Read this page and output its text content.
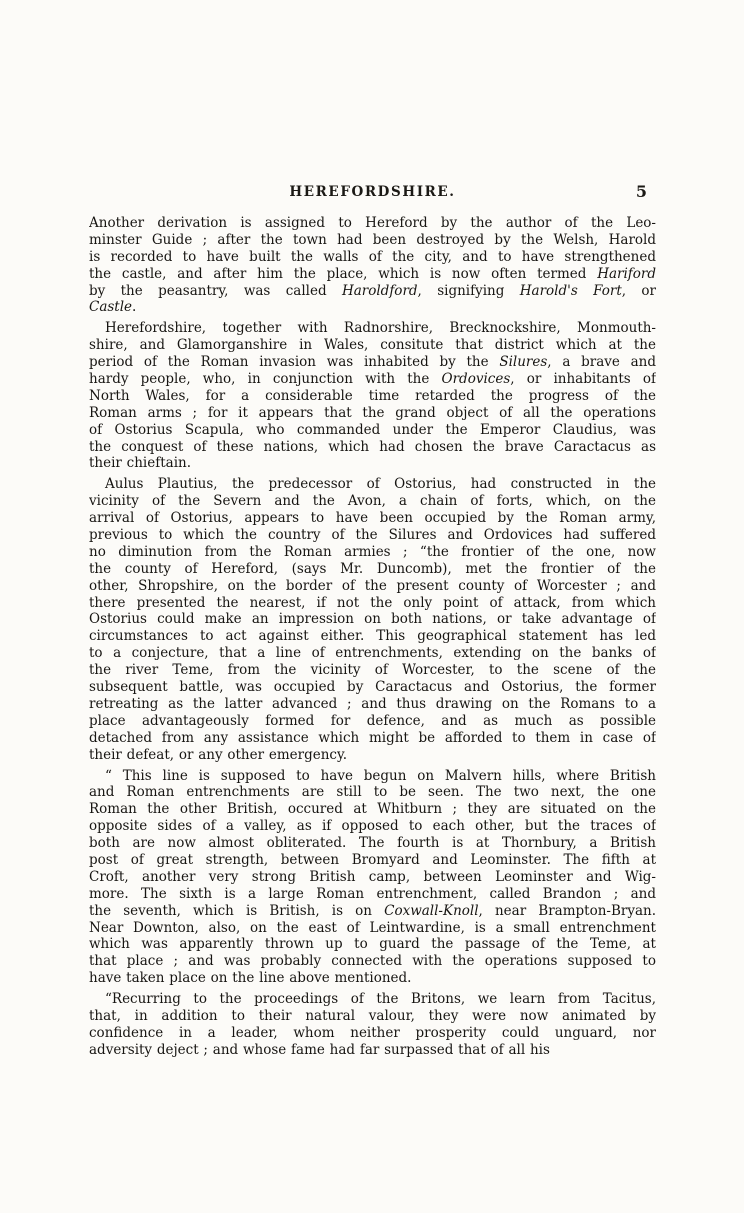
HEREFORDSHIRE.	5

Another derivation is assigned to Hereford by the author of the Leo-
minster Guide ; after the town had been destroyed by the Welsh, Harold
is recorded to have built the walls of the city, and to have strengthened
the castle, and after him the place, which is now often termed Hariford
by the peasantry, was called Haroldford, signifying Harold's Fort, or
Castle.

Herefordshire, together with Radnorshire, Brecknockshire, Monmouth-
shire, and Glamorganshire in Wales, consitute that district which at the
period of the Roman invasion was inhabited by the Silures, a brave and
hardy people, who, in conjunction with the Ordovices, or inhabitants of
North Wales, for a considerable time retarded the progress of the
Roman arms ; for it appears that the grand object of all the operations
of Ostorius Scapula, who commanded under the Emperor Claudius, was
the conquest of these nations, which had chosen the brave Caractacus as
their chieftain.

Aulus Plautius, the predecessor of Ostorius, had constructed in the
vicinity of the Severn and the Avon, a chain of forts, which, on the
arrival of Ostorius, appears to have been occupied by the Roman army,
previous to which the country of the Silures and Ordovices had suffered
no diminution from the Roman armies ; “the frontier of the one, now
the county of Hereford, (says Mr. Duncomb), met the frontier of the
other, Shropshire, on the border of the present county of Worcester ; and
there presented the nearest, if not the only point of attack, from which
Ostorius could make an impression on both nations, or take advantage of
circumstances to act against either. This geographical statement has led
to a conjecture, that a line of entrenchments, extending on the banks of
the river Teme, from the vicinity of Worcester, to the scene of the
subsequent battle, was occupied by Caractacus and Ostorius, the former
retreating as the latter advanced ; and thus drawing on the Romans to a
place advantageously formed for defence, and as much as possible
detached from any assistance which might be afforded to them in case of
their defeat, or any other emergency.

“ This line is supposed to have begun on Malvern hills, where British
and Roman entrenchments are still to be seen. The two next, the one
Roman the other British, occured at Whitburn ; they are situated on the
opposite sides of a valley, as if opposed to each other, but the traces of
both are now almost obliterated. The fourth is at Thornbury, a British
post of great strength, between Bromyard and Leominster. The fifth at
Croft, another very strong British camp, between Leominster and Wig-
more. The sixth is a large Roman entrenchment, called Brandon ; and
the seventh, which is British, is on Coxwall-Knoll, near Brampton-Bryan.
Near Downton, also, on the east of Leintwardine, is a small entrenchment
which was apparently thrown up to guard the passage of the Teme, at
that place ; and was probably connected with the operations supposed to
have taken place on the line above mentioned.

“Recurring to the proceedings of the Britons, we learn from Tacitus,
that, in addition to their natural valour, they were now animated by
confidence in a leader, whom neither prosperity could unguard, nor
adversity deject ; and whose fame had far surpassed that of all his
